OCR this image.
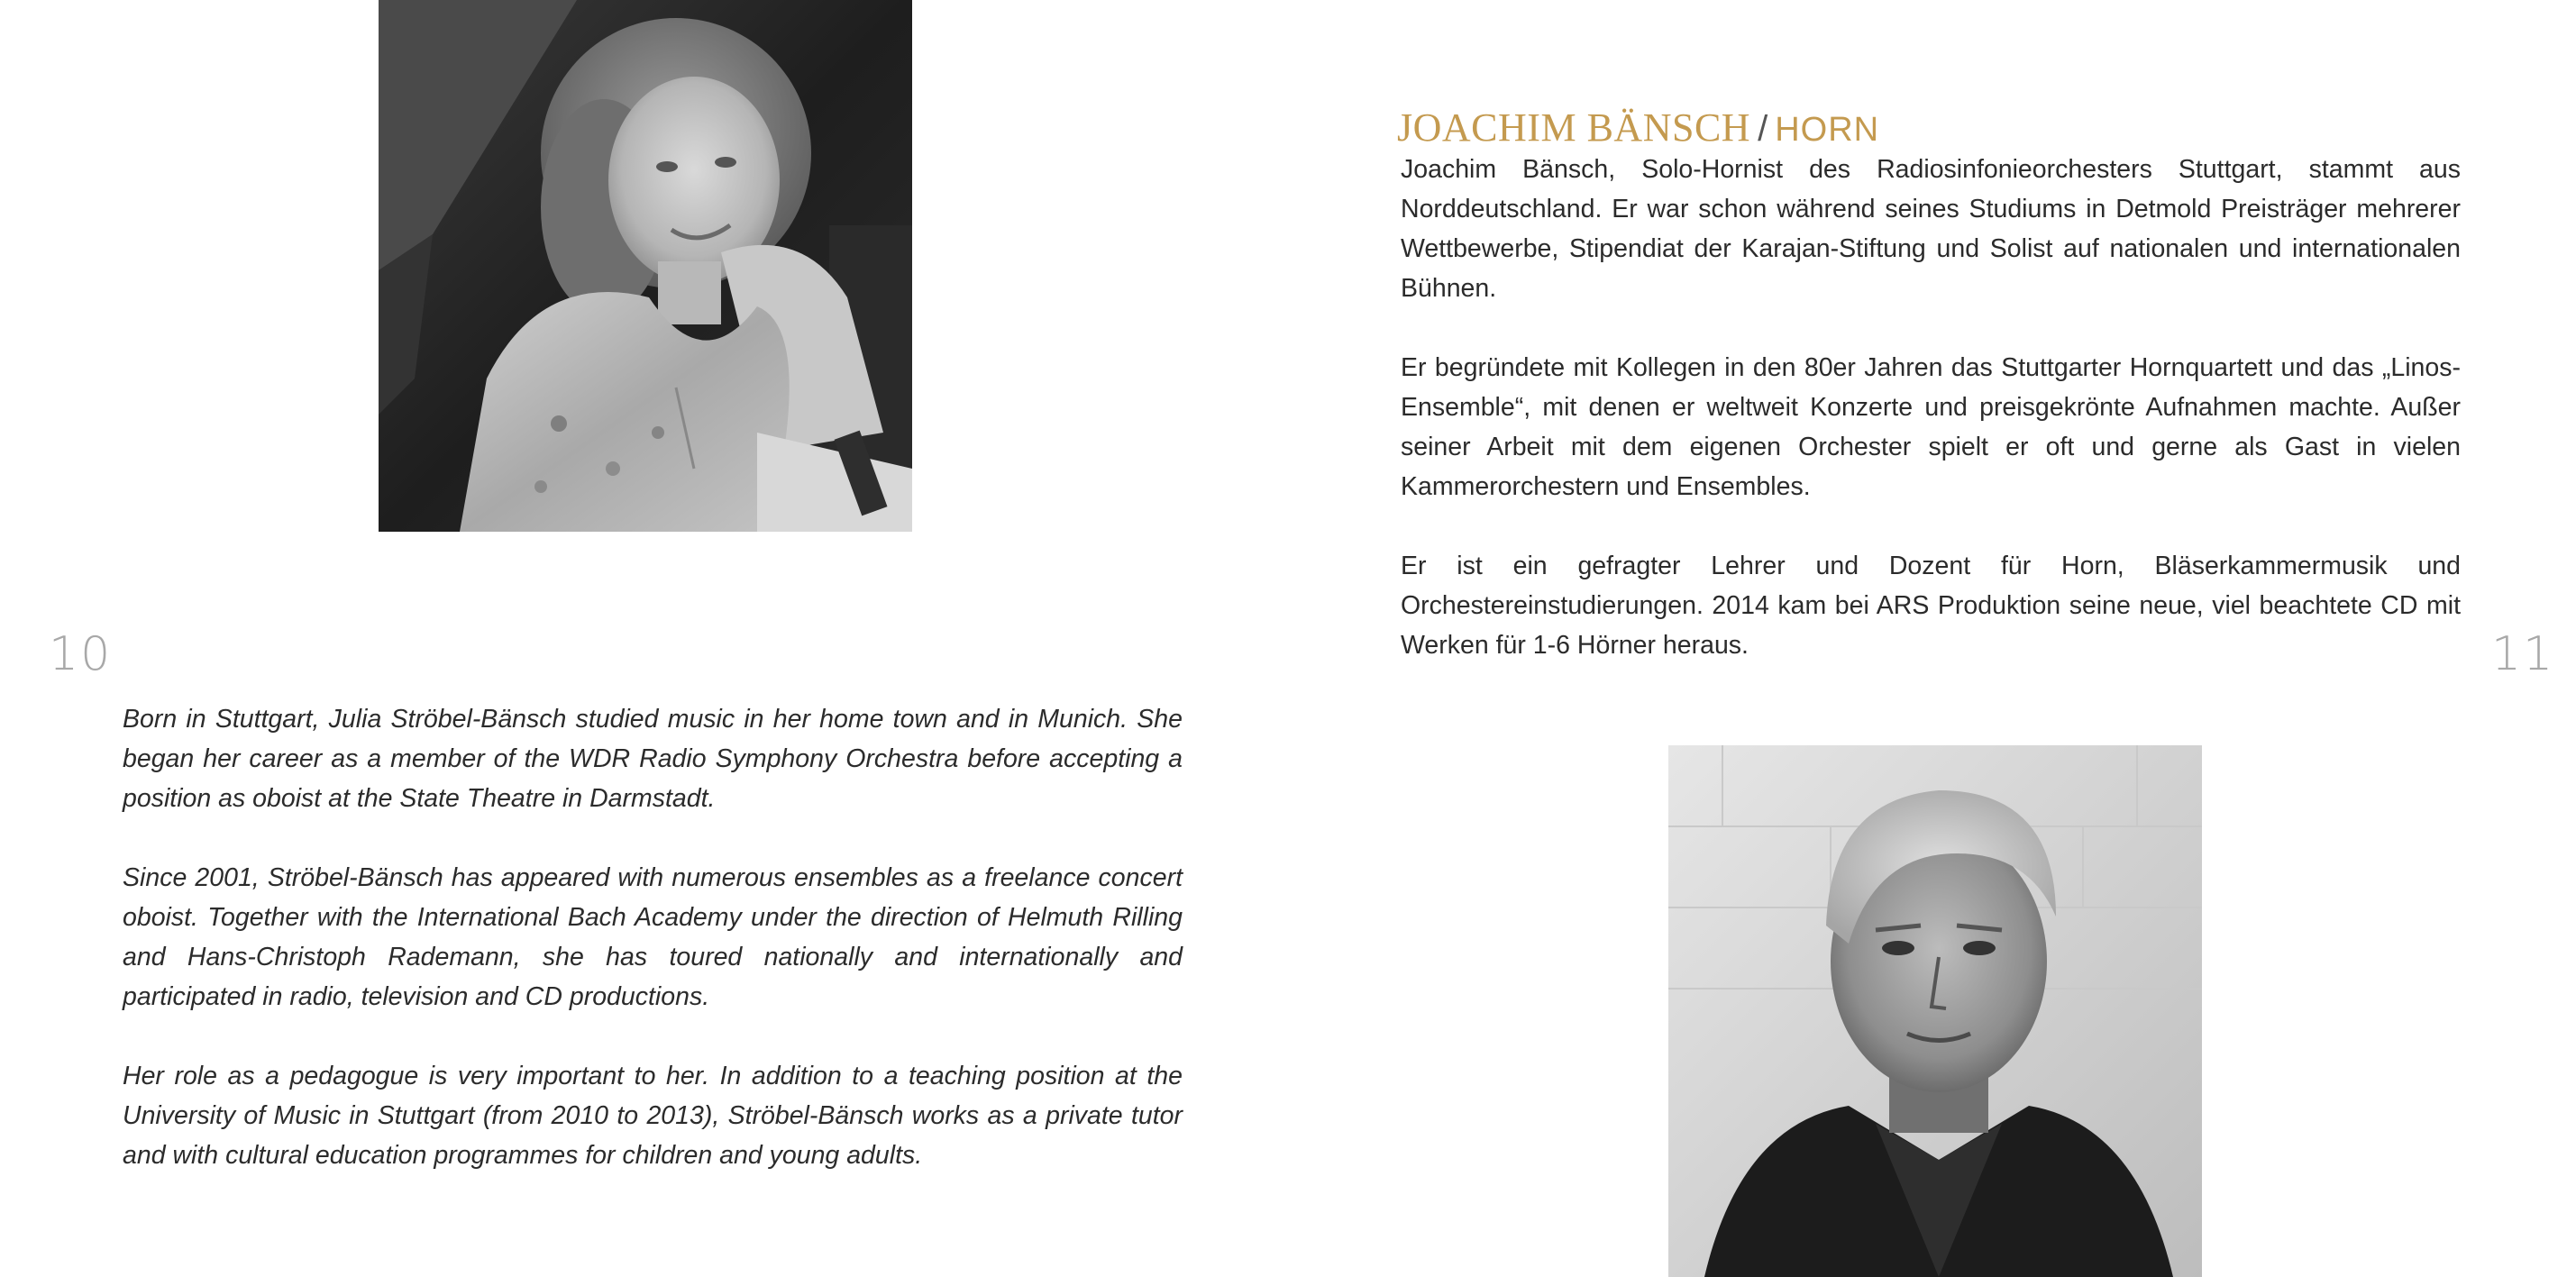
10

Born in Stuttgart, Julia Ströbel-Bänsch studied music in her home town and in Munich. She began her career as a member of the WDR Radio Symphony Orchestra before accepting a position as oboist at the State Theatre in Darmstadt.

Since 2001, Ströbel-Bänsch has appeared with numerous ensembles as a freelance concert oboist. Together with the International Bach Academy under the direction of Helmuth Rilling and Hans-Christoph Rademann, she has toured nationally and internationally and participated in radio, television and CD productions.

Her role as a pedagogue is very important to her. In addition to a teaching position at the University of Music in Stuttgart (from 2010 to 2013), Ströbel-Bänsch works as a private tutor and with cultural education programmes for children and young adults.

JOACHIM BÄNSCH / HORN

Joachim Bänsch, Solo-Hornist des Radiosinfonieorchesters Stuttgart, stammt aus Norddeutschland. Er war schon während seines Studiums in Detmold Preisträger mehrerer Wettbewerbe, Stipendiat der Karajan-Stiftung und Solist auf nationalen und internationalen Bühnen.

Er begründete mit Kollegen in den 80er Jahren das Stuttgarter Hornquartett und das „Linos-Ensemble“, mit denen er weltweit Konzerte und preisgekrönte Aufnahmen machte. Außer seiner Arbeit mit dem eigenen Orchester spielt er oft und gerne als Gast in vielen Kammerorchestern und Ensembles.

Er ist ein gefragter Lehrer und Dozent für Horn, Bläserkammermusik und Orchestereinstudierungen. 2014 kam bei ARS Produktion seine neue, viel beachtete CD mit Werken für 1-6 Hörner heraus.	11
